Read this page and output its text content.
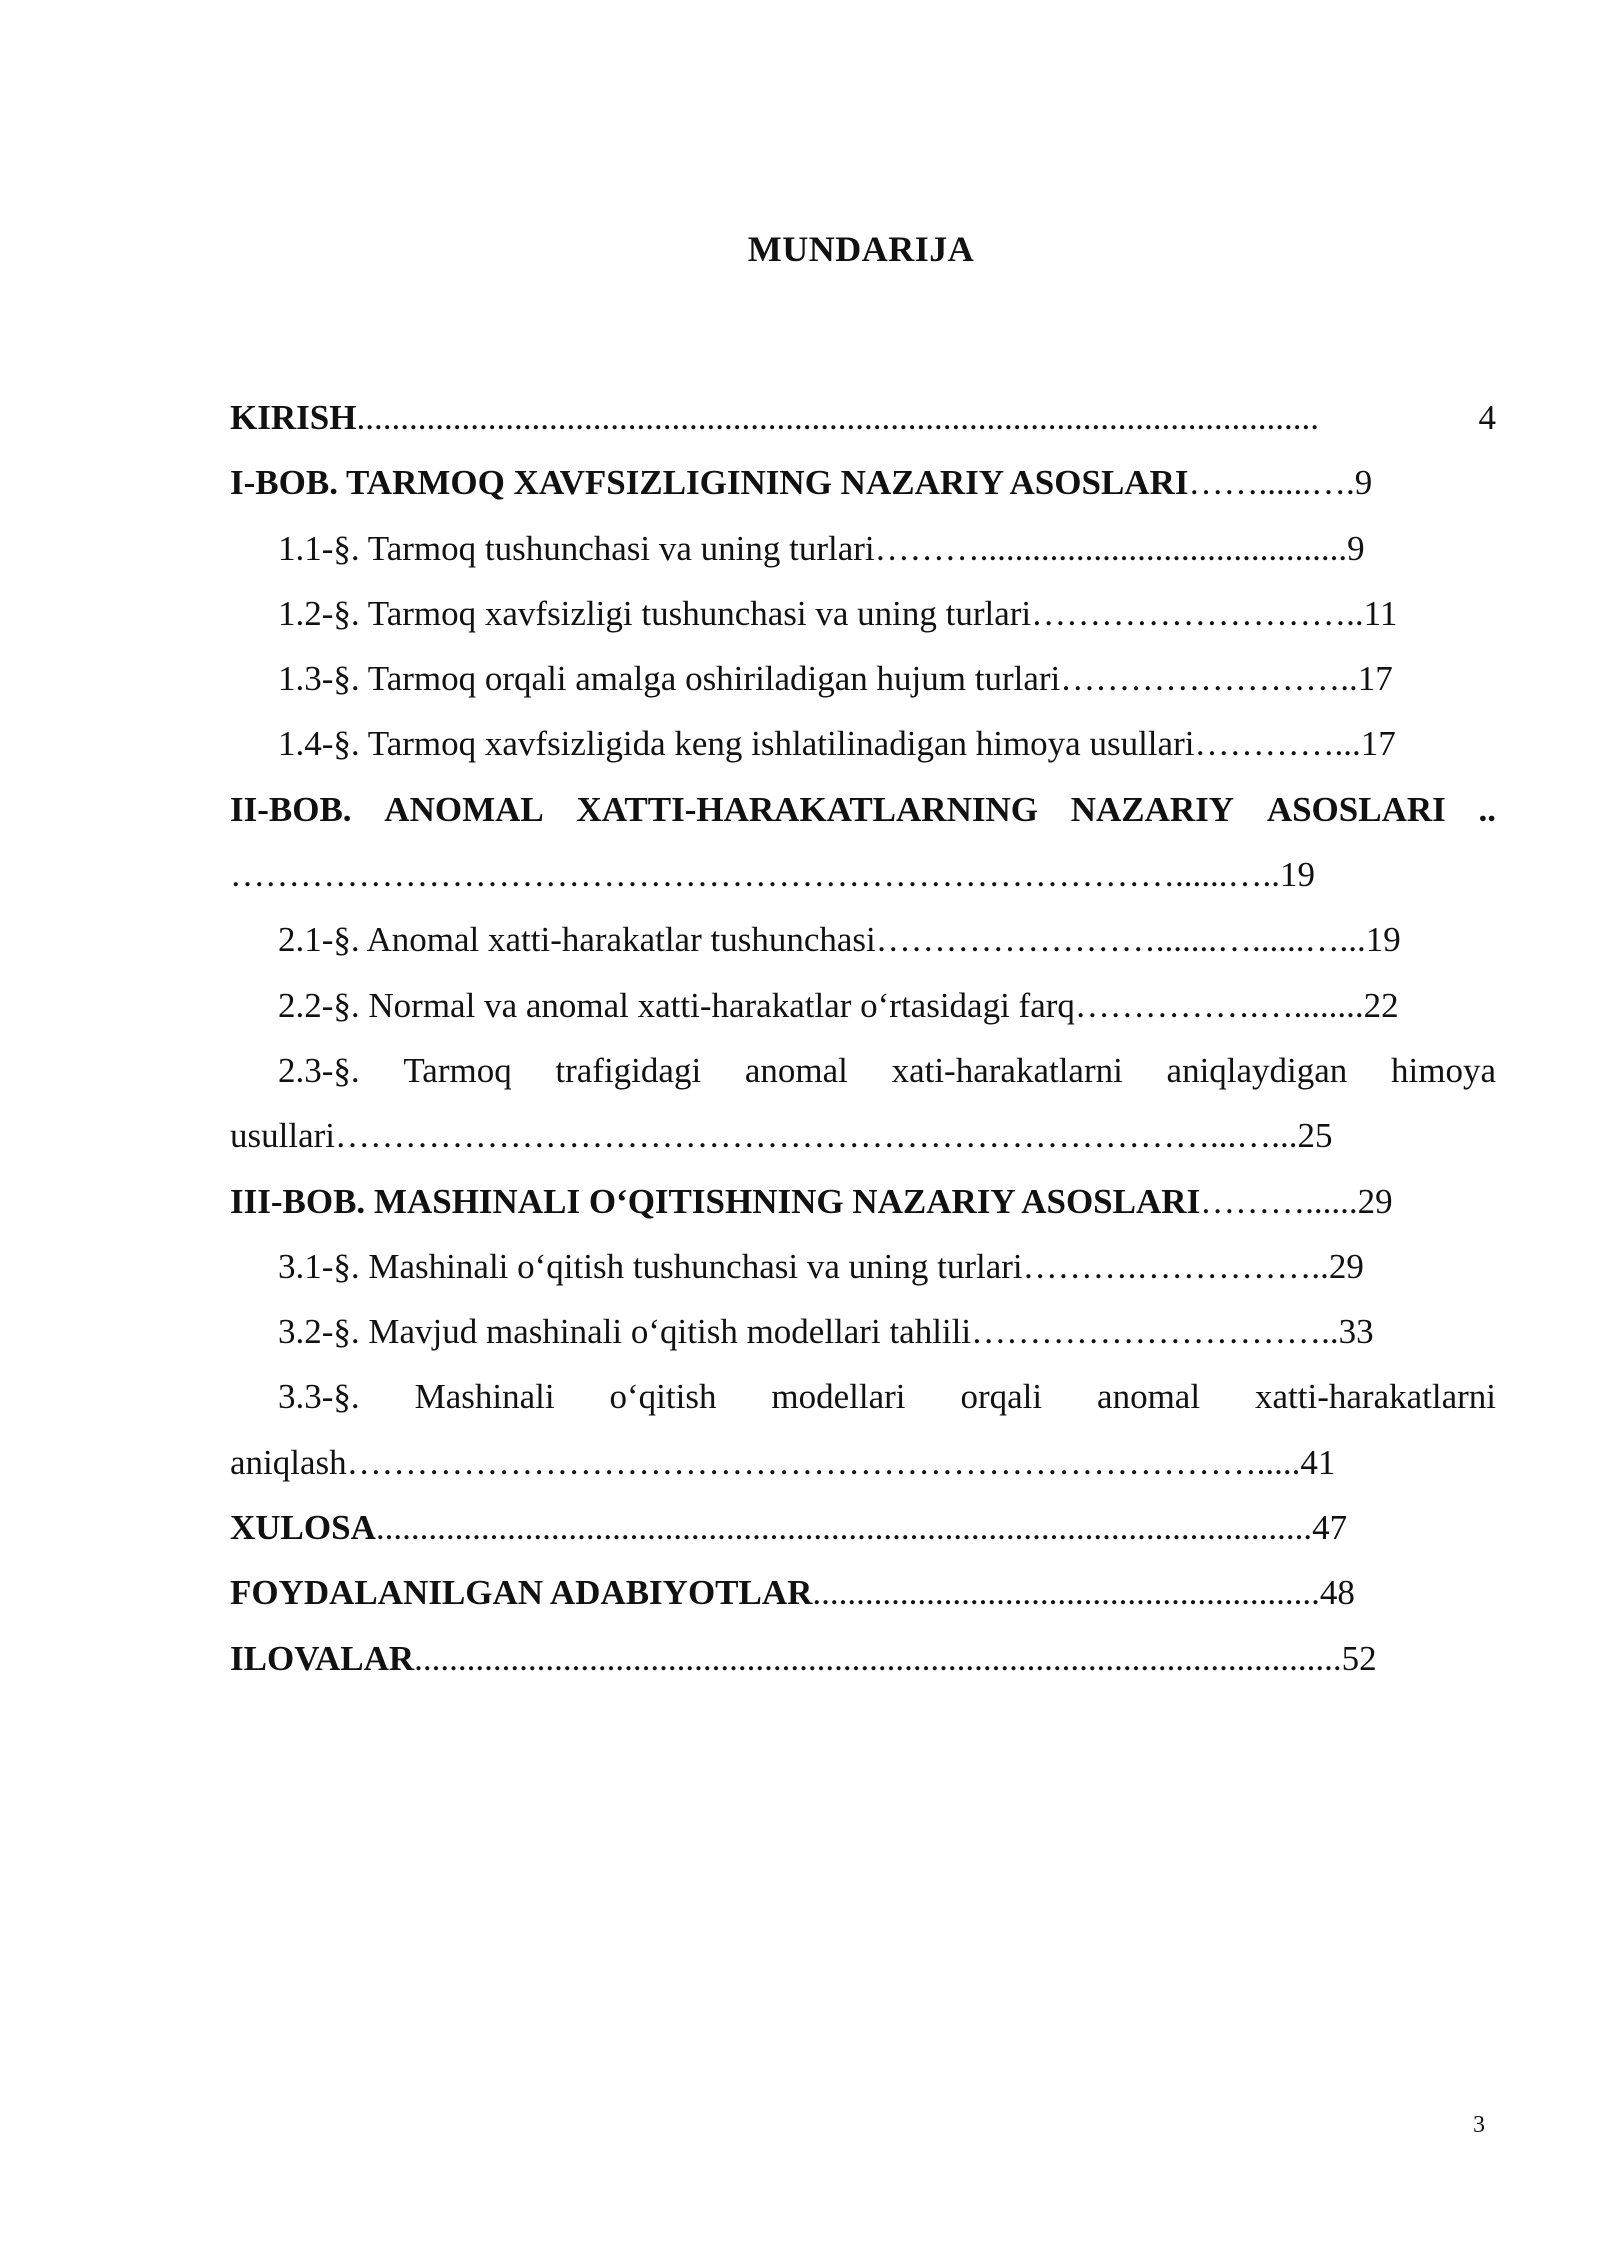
MUNDARIJA
KIRISH ..............................................................................................................	4
I-BOB. TARMOQ XAVFSIZLIGINING NAZARIY ASOSLARI ……......…. 9
1.1-§. Tarmoq tushunchasi va uning turlari ……….......................................... 9
1.2-§. Tarmoq xavfsizligi tushunchasi va uning turlari ……………………….. 11
1.3-§. Tarmoq orqali amalga oshiriladigan hujum turlari …………………….. 17
1.4-§. Tarmoq xavfsizligida keng ishlatilinadigan himoya usullari …………... 17
II-BOB. ANOMAL XATTI-HARAKATLARNING NAZARIY ASOSLARI ..
………………………………………………………………………......….. 19
2.1-§. Anomal xatti-harakatlar tushunchasi …………………….......…......…... 19
2.2-§. Normal va anomal xatti-harakatlar o‘rtasidagi farq …………….…........ 22
2.3-§. Tarmoq trafigidagi anomal xati-harakatlarni aniqlaydigan himoya
usullari …………………………………………………………………...…... 25
III-BOB. MASHINALI O‘QITISHNING NAZARIY ASOSLARI ………...... 29
3.1-§. Mashinali o‘qitish tushunchasi va uning turlari ……….…………….. 29
3.2-§. Mavjud mashinali o‘qitish modellari tahlili ………………………….. 33
3.3-§. Mashinali o‘qitish modellari orqali anomal xatti-harakatlarni
aniqlash ……………………………………………………………………..... 41
XULOSA ........................................................................................................... 47
FOYDALANILGAN ADABIYOTLAR .......................................................... 48
ILOVALAR .......................................................................................................... 52
3
